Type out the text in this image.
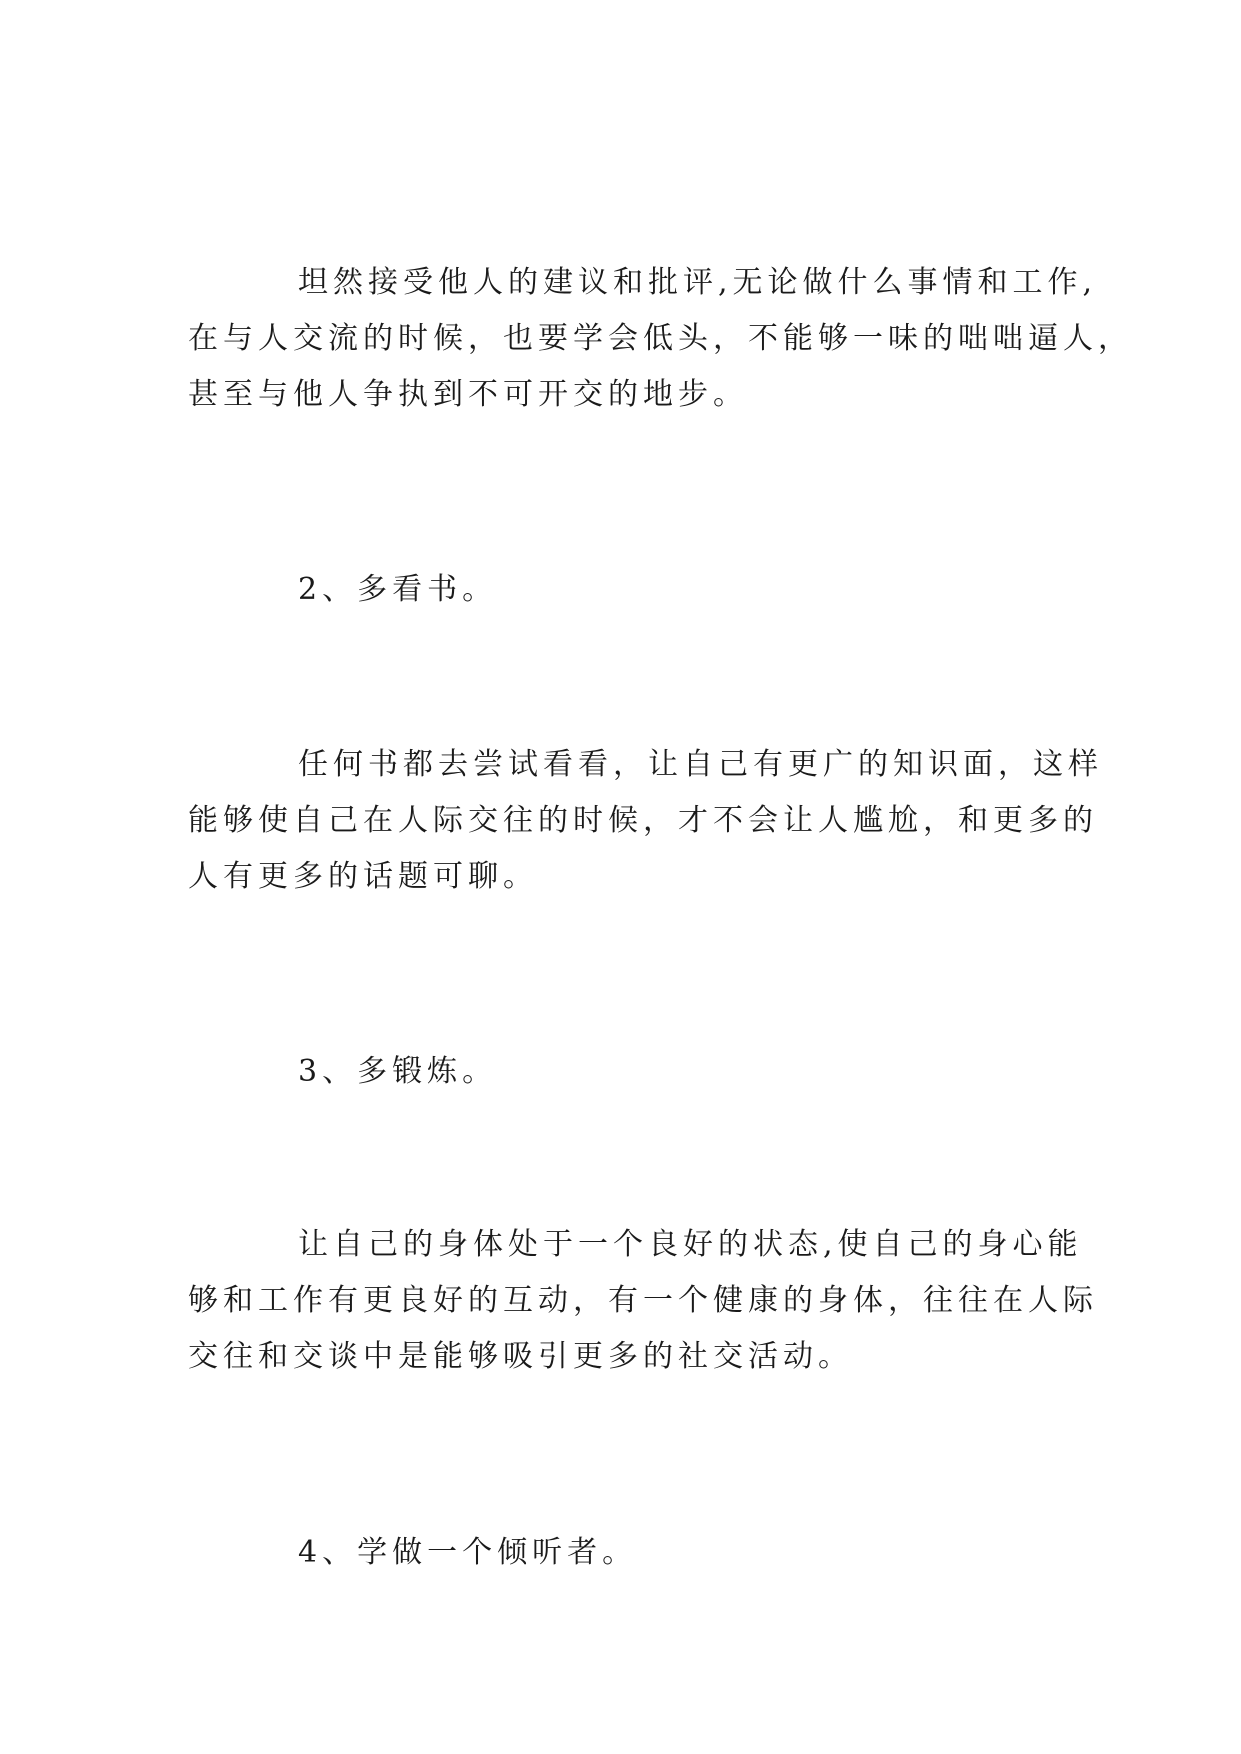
坦然接受他人的建议和批评,无论做什么事情和工作,
在与人交流的时候，也要学会低头，不能够一味的咄咄逼人，
甚至与他人争执到不可开交的地步。
2、多看书。
任何书都去尝试看看，让自己有更广的知识面，这样
能够使自己在人际交往的时候，才不会让人尴尬，和更多的
人有更多的话题可聊。
3、多锻炼。
让自己的身体处于一个良好的状态,使自己的身心能
够和工作有更良好的互动，有一个健康的身体，往往在人际
交往和交谈中是能够吸引更多的社交活动。
4、学做一个倾听者。
